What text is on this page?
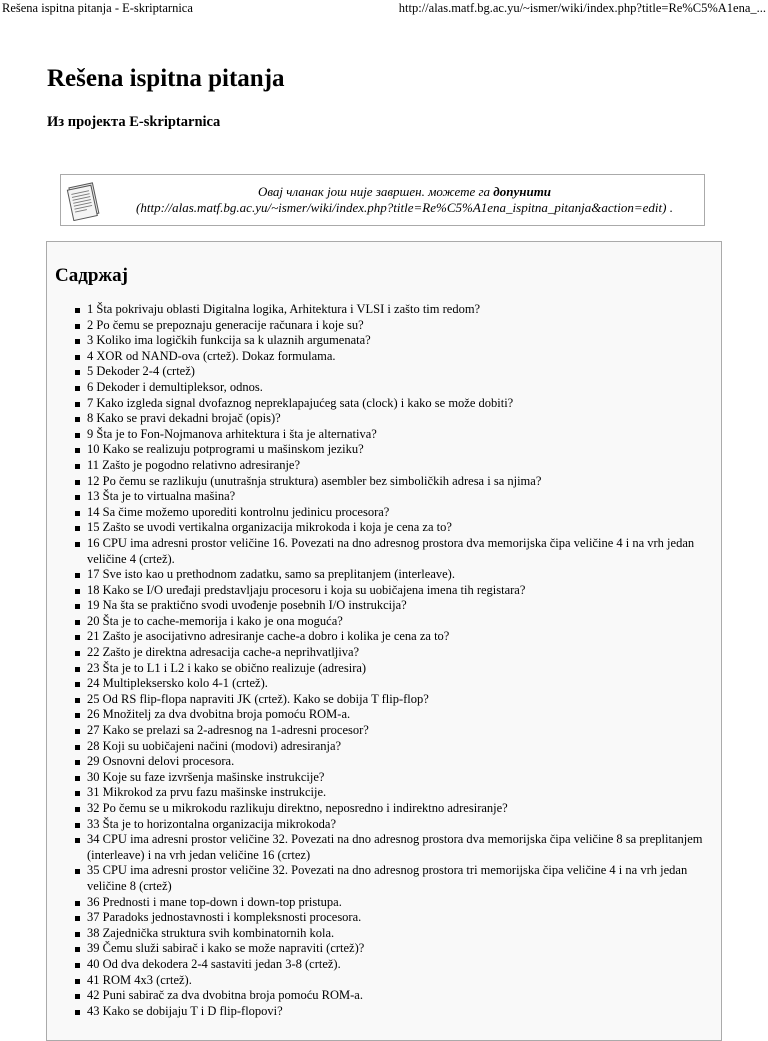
Rešena ispitna pitanja - E-skriptarnica	http://alas.matf.bg.ac.yu/~ismer/wiki/index.php?title=Re%C5%A1ena_...
Rešena ispitna pitanja
Из пројекта E-skriptarnica
Овај чланак још није завршен. можете га допунити
(http://alas.matf.bg.ac.yu/~ismer/wiki/index.php?title=Re%C5%A1ena_ispitna_pitanja&action=edit) .
Садржај
1 Šta pokrivaju oblasti Digitalna logika, Arhitektura i VLSI i zašto tim redom?
2 Po čemu se prepoznaju generacije računara i koje su?
3 Koliko ima logičkih funkcija sa k ulaznih argumenata?
4 XOR od NAND-ova (crtež). Dokaz formulama.
5 Dekoder 2-4 (crtež)
6 Dekoder i demultipleksor, odnos.
7 Kako izgleda signal dvofaznog nepreklapajućeg sata (clock) i kako se može dobiti?
8 Kako se pravi dekadni brojač (opis)?
9 Šta je to Fon-Nojmanova arhitektura i šta je alternativa?
10 Kako se realizuju potprogrami u mašinskom jeziku?
11 Zašto je pogodno relativno adresiranje?
12 Po čemu se razlikuju (unutrašnja struktura) asembler bez simboličkih adresa i sa njima?
13 Šta je to virtualna mašina?
14 Sa čime možemo uporediti kontrolnu jedinicu procesora?
15 Zašto se uvodi vertikalna organizacija mikrokoda i koja je cena za to?
16 CPU ima adresni prostor veličine 16. Povezati na dno adresnog prostora dva memorijska čipa veličine 4 i na vrh jedan veličine 4 (crtež).
17 Sve isto kao u prethodnom zadatku, samo sa preplitanjem (interleave).
18 Kako se I/O uređaji predstavljaju procesoru i koja su uobičajena imena tih registara?
19 Na šta se praktično svodi uvođenje posebnih I/O instrukcija?
20 Šta je to cache-memorija i kako je ona moguća?
21 Zašto je asocijativno adresiranje cache-a dobro i kolika je cena za to?
22 Zašto je direktna adresacija cache-a neprihvatljiva?
23 Šta je to L1 i L2 i kako se obično realizuje (adresira)
24 Multipleksersko kolo 4-1 (crtež).
25 Od RS flip-flopa napraviti JK (crtež). Kako se dobija T flip-flop?
26 Množitelj za dva dvobitna broja pomoću ROM-a.
27 Kako se prelazi sa 2-adresnog na 1-adresni procesor?
28 Koji su uobičajeni načini (modovi) adresiranja?
29 Osnovni delovi procesora.
30 Koje su faze izvršenja mašinske instrukcije?
31 Mikrokod za prvu fazu mašinske instrukcije.
32 Po čemu se u mikrokodu razlikuju direktno, neposredno i indirektno adresiranje?
33 Šta je to horizontalna organizacija mikrokoda?
34 CPU ima adresni prostor veličine 32. Povezati na dno adresnog prostora dva memorijska čipa veličine 8 sa preplitanjem (interleave) i na vrh jedan veličine 16 (crtez)
35 CPU ima adresni prostor veličine 32. Povezati na dno adresnog prostora tri memorijska čipa veličine 4 i na vrh jedan veličine 8 (crtež)
36 Prednosti i mane top-down i down-top pristupa.
37 Paradoks jednostavnosti i kompleksnosti procesora.
38 Zajednička struktura svih kombinatornih kola.
39 Čemu služi sabirač i kako se može napraviti (crtež)?
40 Od dva dekodera 2-4 sastaviti jedan 3-8 (crtež).
41 ROM 4x3 (crtež).
42 Puni sabirač za dva dvobitna broja pomoću ROM-a.
43 Kako se dobijaju T i D flip-flopovi?
